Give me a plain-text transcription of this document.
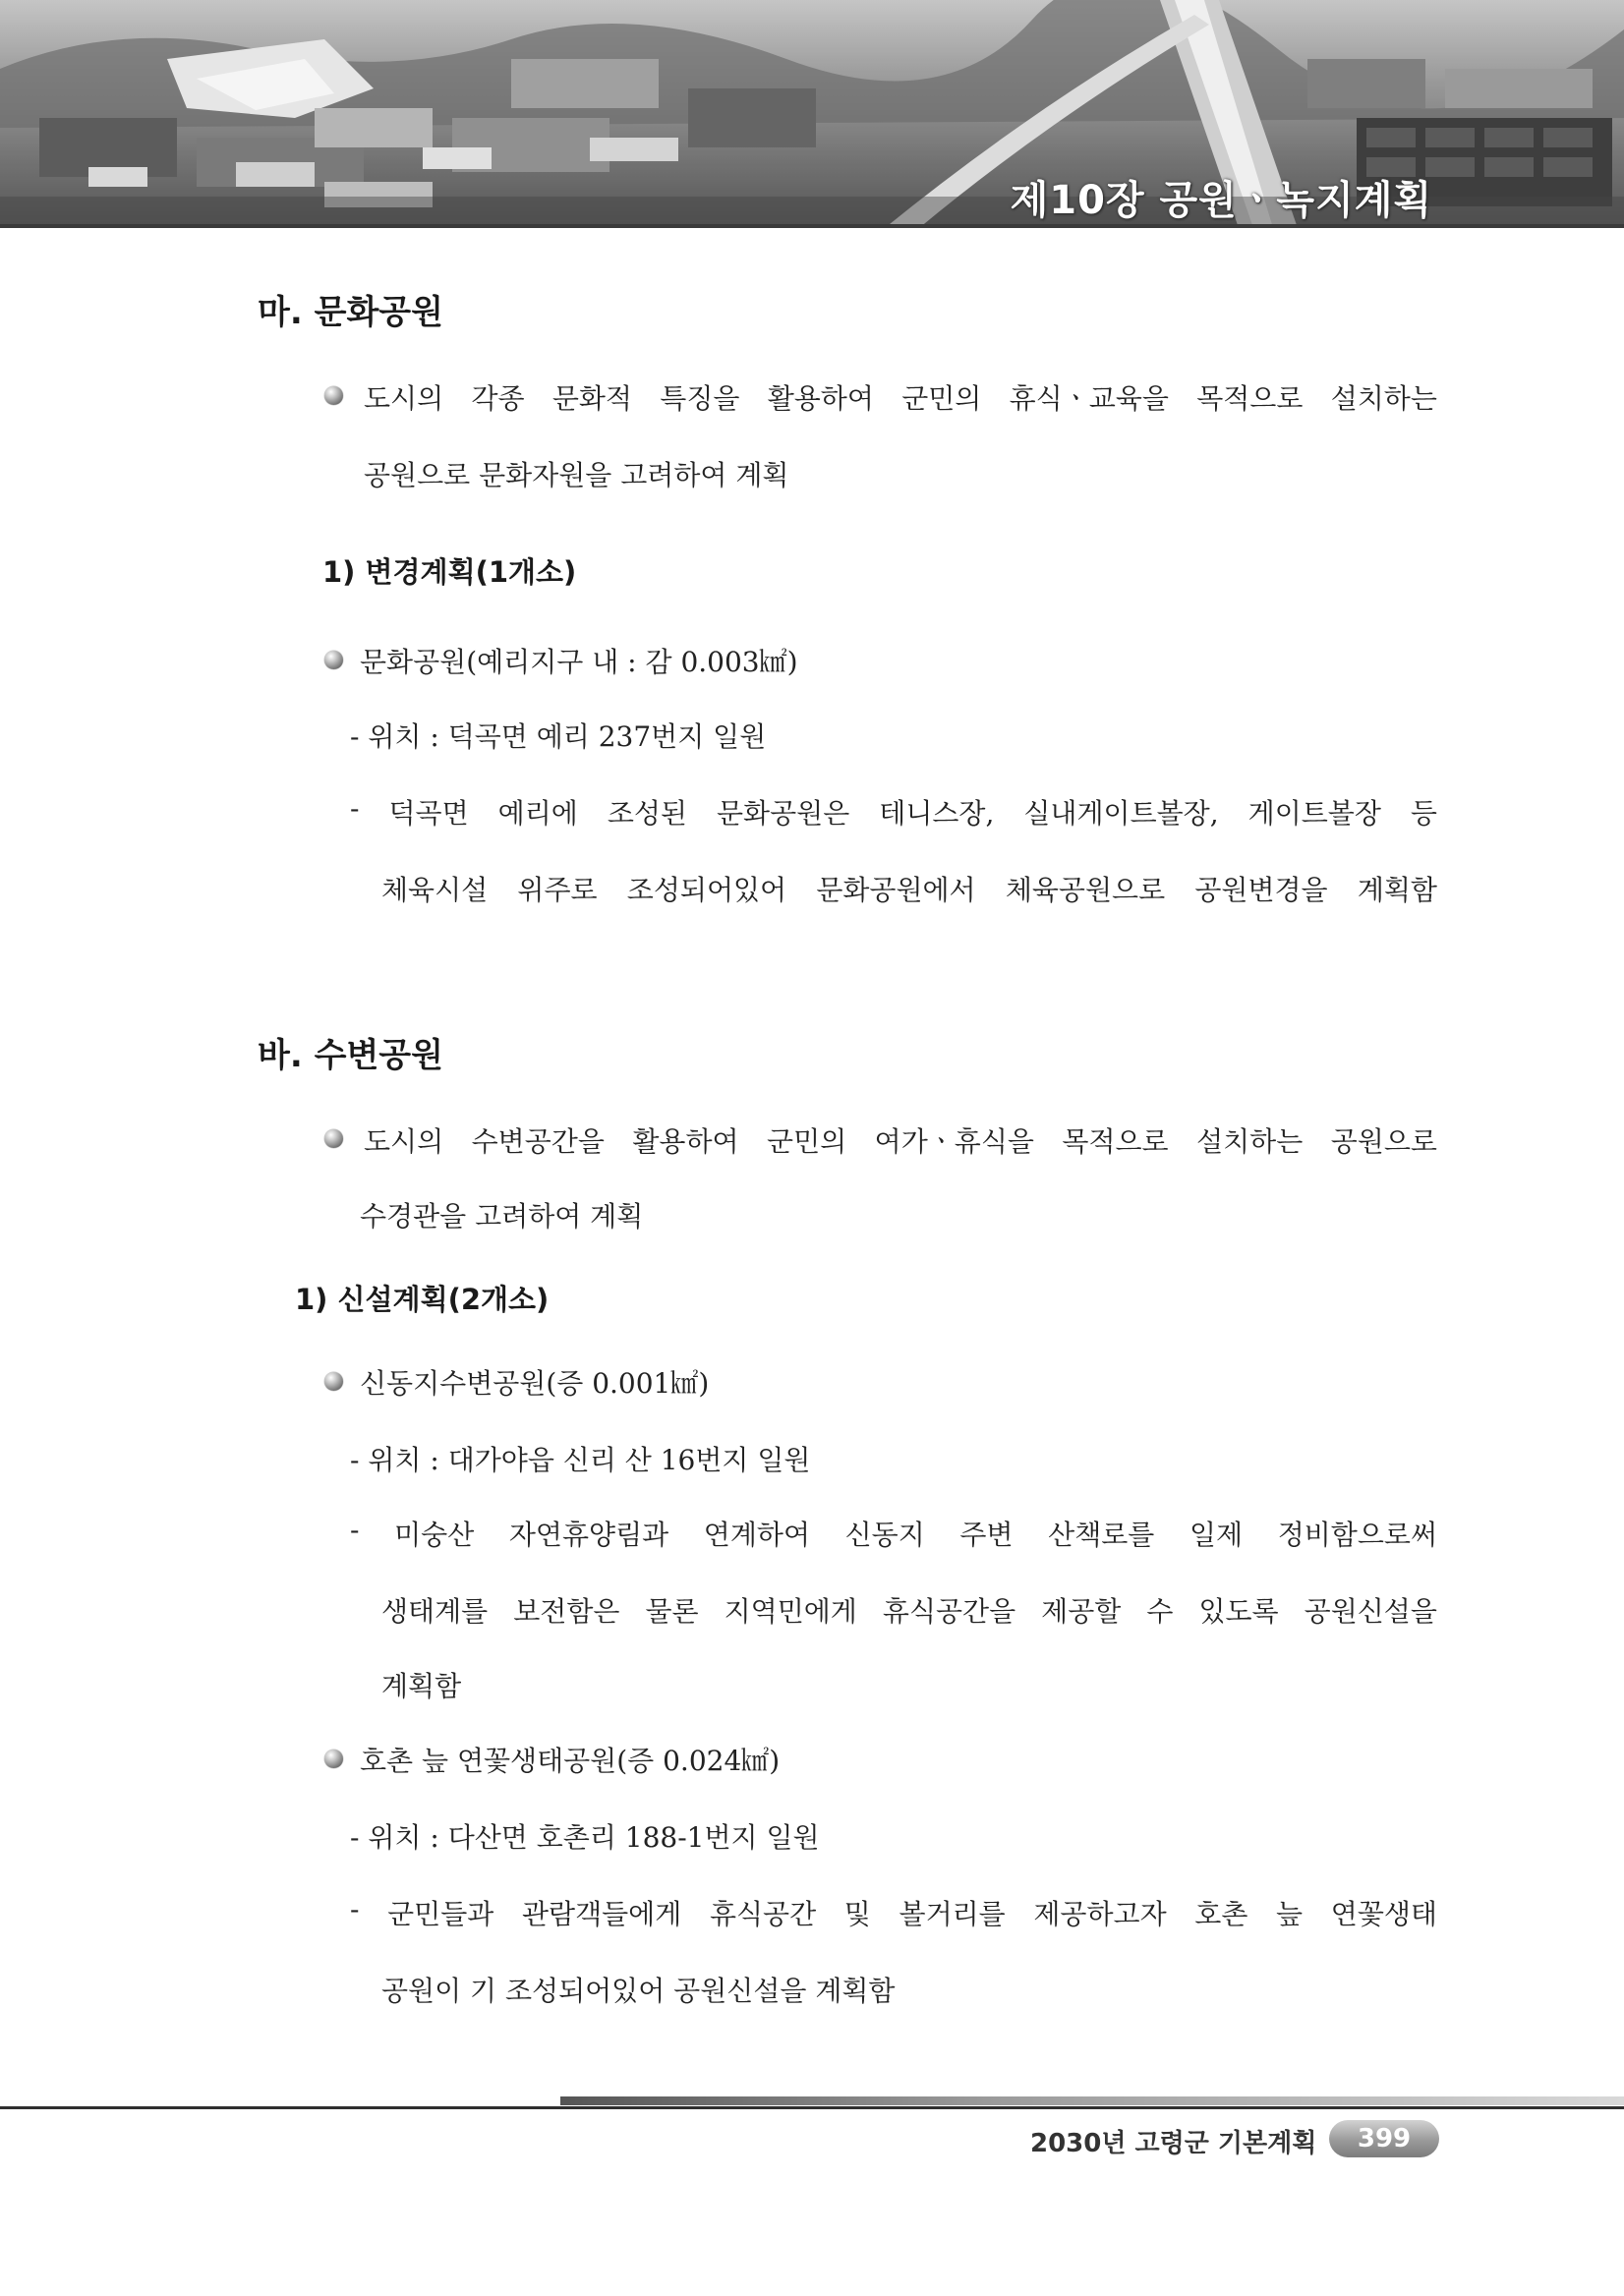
제10장 공원ㆍ녹지계획
마. 문화공원
도시의 각종 문화적 특징을 활용하여 군민의 휴식ㆍ교육을 목적으로 설치하는
공원으로 문화자원을 고려하여 계획
1) 변경계획(1개소)
문화공원(예리지구 내 : 감 0.003㎢)
- 위치 : 덕곡면 예리 237번지 일원
- 덕곡면 예리에 조성된 문화공원은 테니스장, 실내게이트볼장, 게이트볼장 등
체육시설 위주로 조성되어있어 문화공원에서 체육공원으로 공원변경을 계획함
바. 수변공원
도시의 수변공간을 활용하여 군민의 여가ㆍ휴식을 목적으로 설치하는 공원으로
수경관을 고려하여 계획
1) 신설계획(2개소)
신동지수변공원(증 0.001㎢)
- 위치 : 대가야읍 신리 산 16번지 일원
- 미숭산 자연휴양림과 연계하여 신동지 주변 산책로를 일제 정비함으로써
생태계를 보전함은 물론 지역민에게 휴식공간을 제공할 수 있도록 공원신설을
계획함
호촌 늪 연꽃생태공원(증 0.024㎢)
- 위치 : 다산면 호촌리 188-1번지 일원
- 군민들과 관람객들에게 휴식공간 및 볼거리를 제공하고자 호촌 늪 연꽃생태
공원이 기 조성되어있어 공원신설을 계획함
2030년 고령군 기본계획	399
